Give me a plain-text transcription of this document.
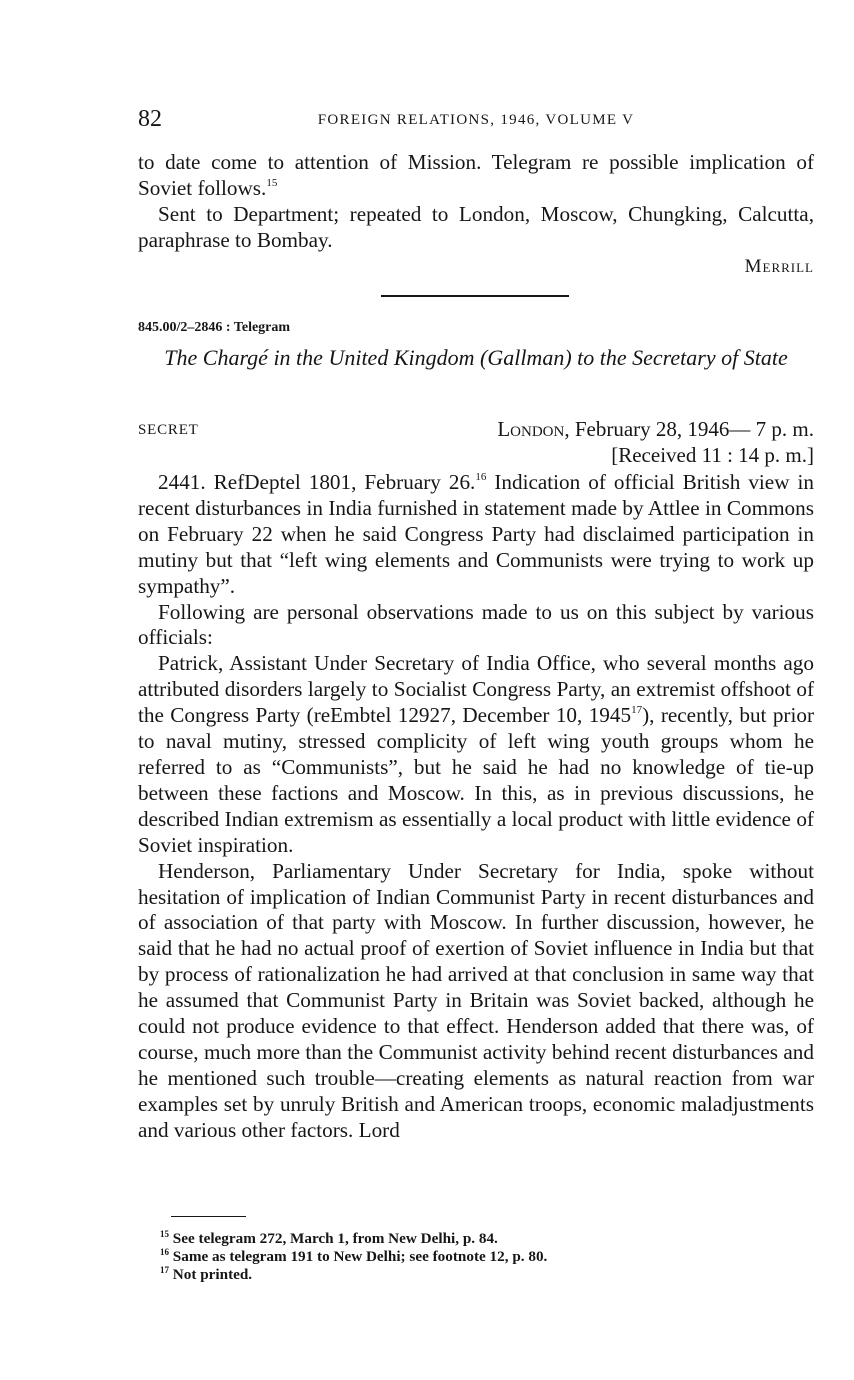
82	FOREIGN RELATIONS, 1946, VOLUME V

to date come to attention of Mission. Telegram re possible implication of Soviet follows.$^{15}$

Sent to Department; repeated to London, Moscow, Chungking, Calcutta, paraphrase to Bombay.

Merrill
845.00/2–2846 : Telegram
The Chargé in the United Kingdom (Gallman) to the Secretary of State
SECRET	London, February 28, 1946— 7 p. m.
[Received 11 : 14 p. m.]

2441. RefDeptel 1801, February 26.16 Indication of official British view in recent disturbances in India furnished in statement made by Attlee in Commons on February 22 when he said Congress Party had disclaimed participation in mutiny but that “left wing elements and Communists were trying to work up sympathy”.

Following are personal observations made to us on this subject by various officials:

Patrick, Assistant Under Secretary of India Office, who several months ago attributed disorders largely to Socialist Congress Party, an extremist offshoot of the Congress Party (reEmbtel 12927, December 10, 1945$^{17}$), recently, but prior to naval mutiny, stressed complicity of left wing youth groups whom he referred to as “Communists”, but he said he had no knowledge of tie-up between these factions and Moscow. In this, as in previous discussions, he described Indian extremism as essentially a local product with little evidence of Soviet inspiration.

Henderson, Parliamentary Under Secretary for India, spoke without hesitation of implication of Indian Communist Party in recent disturbances and of association of that party with Moscow. In further discussion, however, he said that he had no actual proof of exertion of Soviet influence in India but that by process of rationalization he had arrived at that conclusion in same way that he assumed that Communist Party in Britain was Soviet backed, although he could not produce evidence to that effect. Henderson added that there was, of course, much more than the Communist activity behind recent disturbances and he mentioned such trouble—creating elements as natural reaction from war examples set by unruly British and American troops, economic maladjustments and various other factors. Lord

$^{15}$ See telegram 272, March 1, from New Delhi, p. 84.
$^{16}$ Same as telegram 191 to New Delhi; see footnote 12, p. 80.
$^{17}$ Not printed.
